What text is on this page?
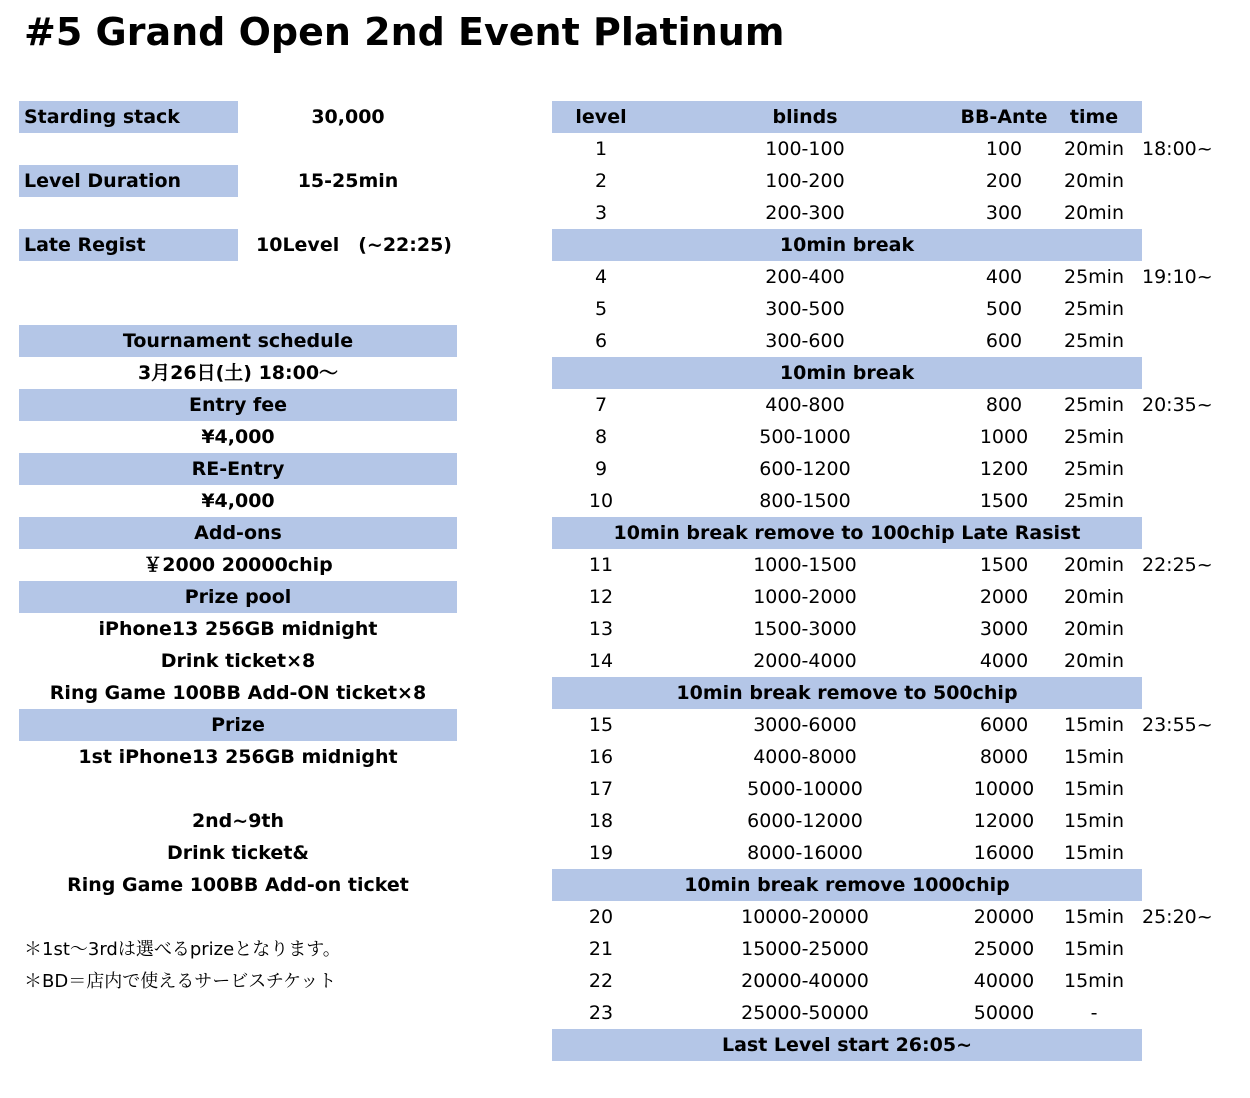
#5 Grand Open 2nd Event Platinum
Starding stack	30,000
Level Duration	15-25min
Late Regist	10Level　(~22:25)
Tournament schedule
3月26日(土) 18:00～
Entry fee
¥4,000
RE-Entry
¥4,000
Add-ons
￥2000 20000chip
Prize pool
iPhone13 256GB midnight
Drink ticket×8
Ring Game 100BB Add-ON ticket×8
Prize
1st iPhone13 256GB midnight
2nd~9th
Drink ticket&
Ring Game 100BB Add-on ticket
＊1st～3rdは選べるprizeとなります。
＊BD＝店内で使えるサービスチケット
level	blinds	BB-Ante	time
1	100-100	100	20min 18:00~
2	100-200	200	20min
3	200-300	300	20min
10min break
4	200-400	400	25min 19:10~
5	300-500	500	25min
6	300-600	600	25min
10min break
7	400-800	800	25min 20:35~
8	500-1000	1000	25min
9	600-1200	1200	25min
10	800-1500	1500	25min
10min break remove to 100chip Late Rasist
11	1000-1500	1500	20min 22:25~
12	1000-2000	2000	20min
13	1500-3000	3000	20min
14	2000-4000	4000	20min
10min break remove to 500chip
15	3000-6000	6000	15min 23:55~
16	4000-8000	8000	15min
17	5000-10000	10000	15min
18	6000-12000	12000	15min
19	8000-16000	16000	15min
10min break remove 1000chip
20	10000-20000	20000	15min 25:20~
21	15000-25000	25000	15min
22	20000-40000	40000	15min
23	25000-50000	50000	-
Last Level start 26:05~
